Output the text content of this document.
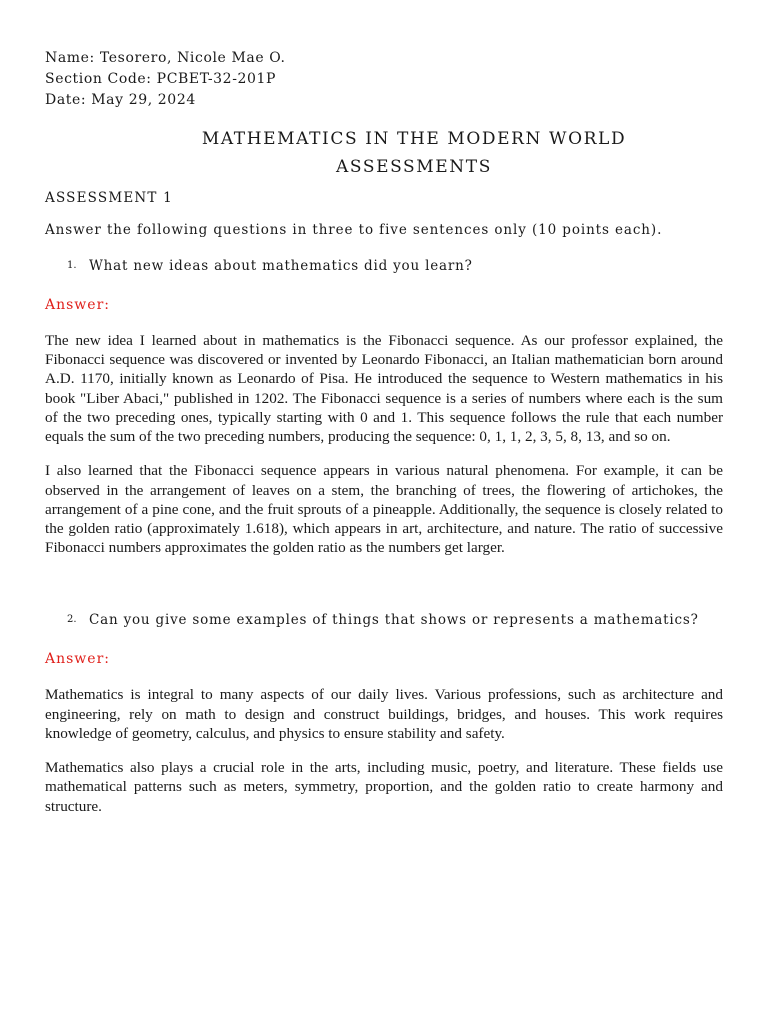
Name: Tesorero, Nicole Mae O.
Section Code: PCBET-32-201P
Date: May 29, 2024
MATHEMATICS IN THE MODERN WORLD
ASSESSMENTS
ASSESSMENT 1
Answer the following questions in three to five sentences only (10 points each).
1. What new ideas about mathematics did you learn?
Answer:

The new idea I learned about in mathematics is the Fibonacci sequence. As our professor explained, the Fibonacci sequence was discovered or invented by Leonardo Fibonacci, an Italian mathematician born around A.D. 1170, initially known as Leonardo of Pisa. He introduced the sequence to Western mathematics in his book "Liber Abaci," published in 1202. The Fibonacci sequence is a series of numbers where each is the sum of the two preceding ones, typically starting with 0 and 1. This sequence follows the rule that each number equals the sum of the two preceding numbers, producing the sequence: 0, 1, 1, 2, 3, 5, 8, 13, and so on.

I also learned that the Fibonacci sequence appears in various natural phenomena. For example, it can be observed in the arrangement of leaves on a stem, the branching of trees, the flowering of artichokes, the arrangement of a pine cone, and the fruit sprouts of a pineapple. Additionally, the sequence is closely related to the golden ratio (approximately 1.618), which appears in art, architecture, and nature. The ratio of successive Fibonacci numbers approximates the golden ratio as the numbers get larger.

2. Can you give some examples of things that shows or represents a mathematics?
Answer:

Mathematics is integral to many aspects of our daily lives. Various professions, such as architecture and engineering, rely on math to design and construct buildings, bridges, and houses. This work requires knowledge of geometry, calculus, and physics to ensure stability and safety.

Mathematics also plays a crucial role in the arts, including music, poetry, and literature. These fields use mathematical patterns such as meters, symmetry, proportion, and the golden ratio to create harmony and structure.
